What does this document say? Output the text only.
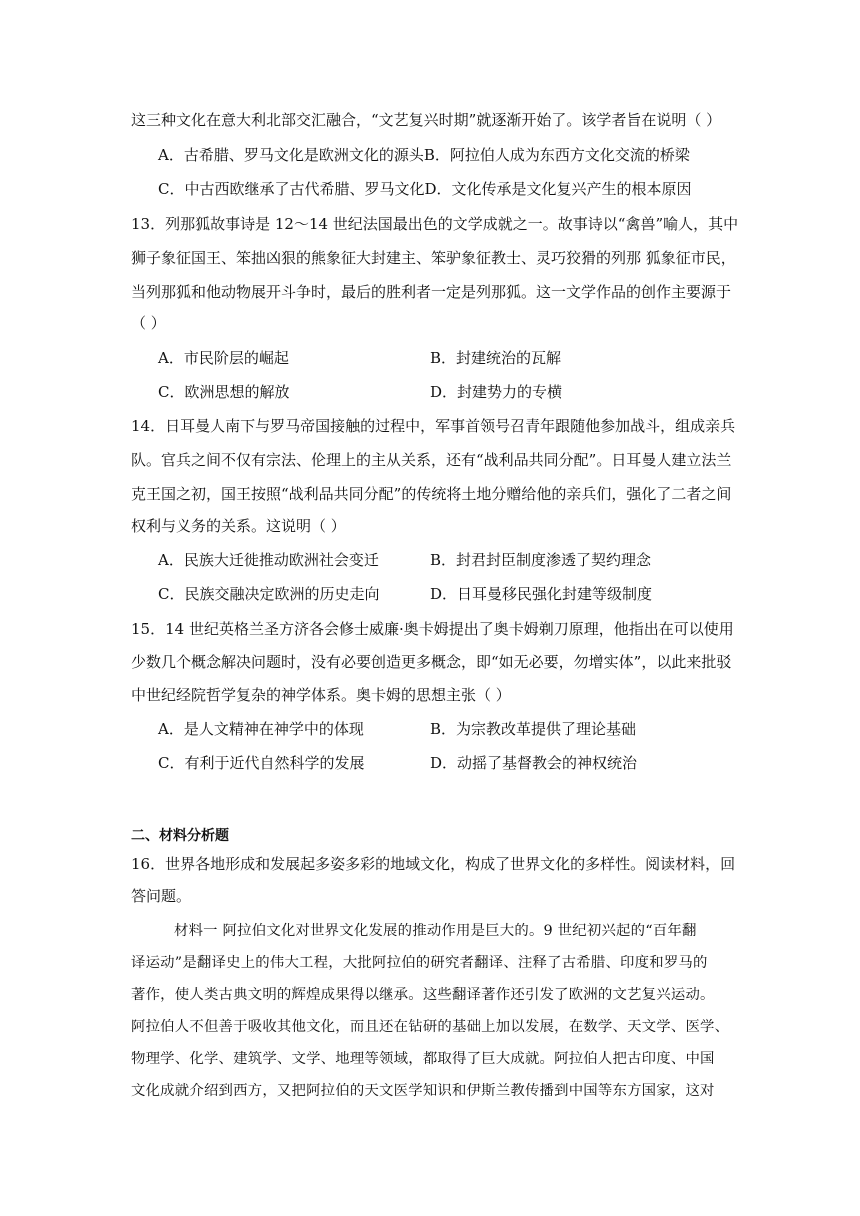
这三种文化在意大利北部交汇融合，“文艺复兴时期”就逐渐开始了。该学者旨在说明（ ）
A．古希腊、罗马文化是欧洲文化的源头B．阿拉伯人成为东西方文化交流的桥梁
C．中古西欧继承了古代希腊、罗马文化D．文化传承是文化复兴产生的根本原因
13．列那狐故事诗是 12～14 世纪法国最出色的文学成就之一。故事诗以“禽兽”喻人，其中
狮子象征国王、笨拙凶狠的熊象征大封建主、笨驴象征教士、灵巧狡猾的列那 狐象征市民，
当列那狐和他动物展开斗争时，最后的胜利者一定是列那狐。这一文学作品的创作主要源于
（ ）
A．市民阶层的崛起	B．封建统治的瓦解
C．欧洲思想的解放	D．封建势力的专横
14．日耳曼人南下与罗马帝国接触的过程中，军事首领号召青年跟随他参加战斗，组成亲兵
队。官兵之间不仅有宗法、伦理上的主从关系，还有“战利品共同分配”。日耳曼人建立法兰
克王国之初，国王按照“战利品共同分配”的传统将土地分赠给他的亲兵们，强化了二者之间
权利与义务的关系。这说明（ ）
A．民族大迁徙推动欧洲社会变迁	B．封君封臣制度渗透了契约理念
C．民族交融决定欧洲的历史走向	D．日耳曼移民强化封建等级制度
15．14 世纪英格兰圣方济各会修士威廉·奥卡姆提出了奥卡姆剃刀原理，他指出在可以使用
少数几个概念解决问题时，没有必要创造更多概念，即“如无必要，勿增实体”，以此来批驳
中世纪经院哲学复杂的神学体系。奥卡姆的思想主张（ ）
A．是人文精神在神学中的体现	B．为宗教改革提供了理论基础
C．有利于近代自然科学的发展	D．动摇了基督教会的神权统治
二、材料分析题
16．世界各地形成和发展起多姿多彩的地域文化，构成了世界文化的多样性。阅读材料，回
答问题。
材料一 阿拉伯文化对世界文化发展的推动作用是巨大的。9 世纪初兴起的“百年翻
译运动”是翻译史上的伟大工程，大批阿拉伯的研究者翻译、注释了古希腊、印度和罗马的
著作，使人类古典文明的辉煌成果得以继承。这些翻译著作还引发了欧洲的文艺复兴运动。
阿拉伯人不但善于吸收其他文化，而且还在钻研的基础上加以发展，在数学、天文学、医学、
物理学、化学、建筑学、文学、地理等领域，都取得了巨大成就。阿拉伯人把古印度、中国
文化成就介绍到西方，又把阿拉伯的天文医学知识和伊斯兰教传播到中国等东方国家，这对
